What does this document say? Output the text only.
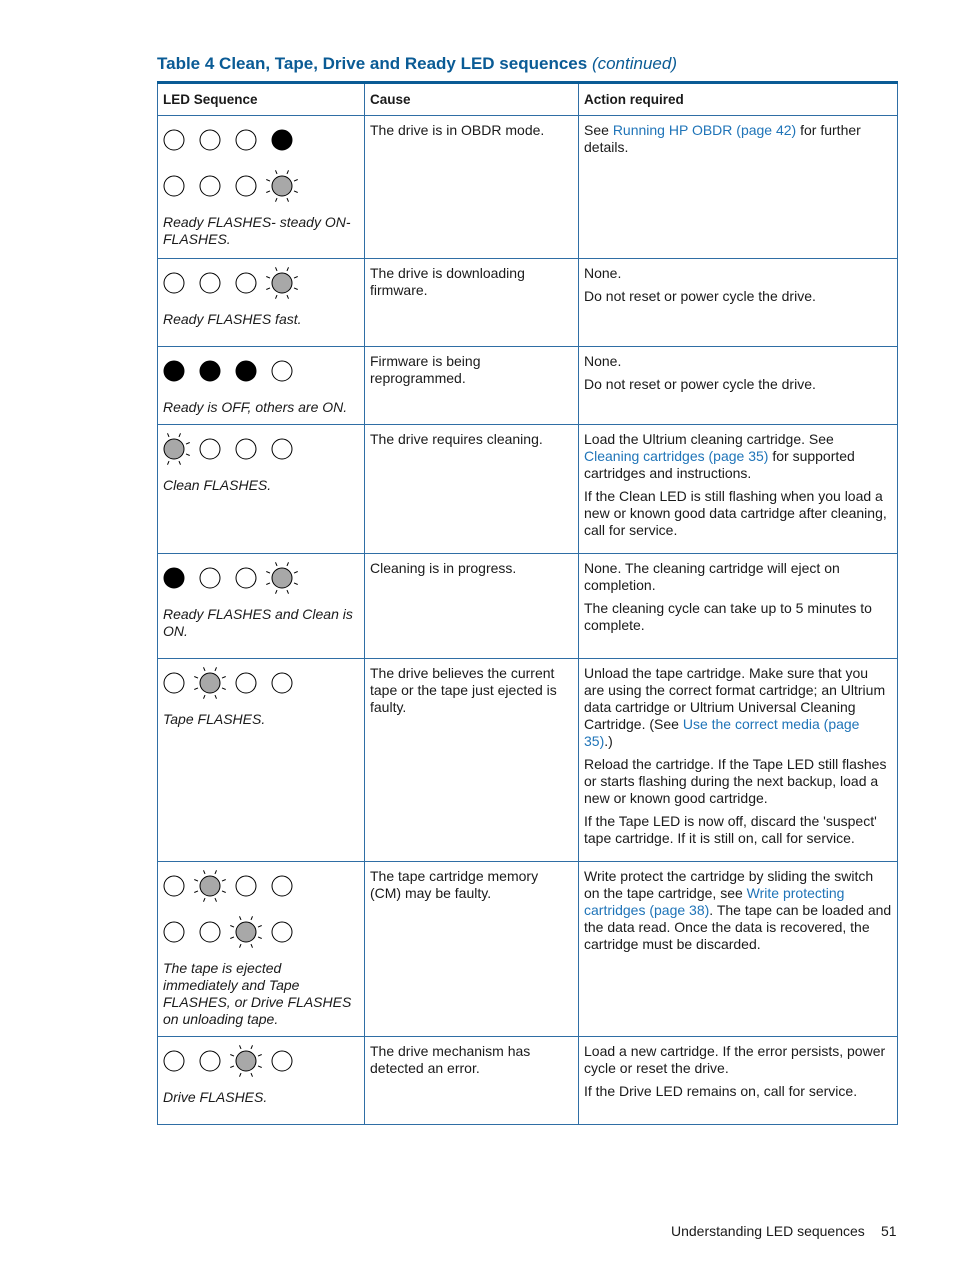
Table 4 Clean, Tape, Drive and Ready LED sequences (continued)
LED Sequence	Cause	Action required

Ready FLASHES- steady ON- FLASHES.	The drive is in OBDR mode.	See Running HP OBDR (page 42) for further details.

Ready FLASHES fast.	The drive is downloading firmware.	None.

Do not reset or power cycle the drive.

Ready is OFF, others are ON.	Firmware is being reprogrammed.	None.

Do not reset or power cycle the drive.

Clean FLASHES.	The drive requires cleaning.	Load the Ultrium cleaning cartridge. See Cleaning cartridges (page 35) for supported cartridges and instructions.

If the Clean LED is still flashing when you load a new or known good data cartridge after cleaning, call for service.

Ready FLASHES and Clean is ON.	Cleaning is in progress.	None. The cleaning cartridge will eject on completion.

The cleaning cycle can take up to 5 minutes to complete.

Tape FLASHES.	The drive believes the current tape or the tape just ejected is faulty.	Unload the tape cartridge. Make sure that you are using the correct format cartridge; an Ultrium data cartridge or Ultrium Universal Cleaning Cartridge. (See Use the correct media (page 35).)

Reload the cartridge. If the Tape LED still flashes or starts flashing during the next backup, load a new or known good cartridge.

If the Tape LED is now off, discard the 'suspect' tape cartridge. If it is still on, call for service.

The tape is ejected immediately and Tape FLASHES, or Drive FLASHES on unloading tape.	The tape cartridge memory (CM) may be faulty.	Write protect the cartridge by sliding the switch on the tape cartridge, see Write protecting cartridges (page 38). The tape can be loaded and the data read. Once the data is recovered, the cartridge must be discarded.

Drive FLASHES.	The drive mechanism has detected an error.	Load a new cartridge. If the error persists, power cycle or reset the drive.

If the Drive LED remains on, call for service.

Understanding LED sequences 51
